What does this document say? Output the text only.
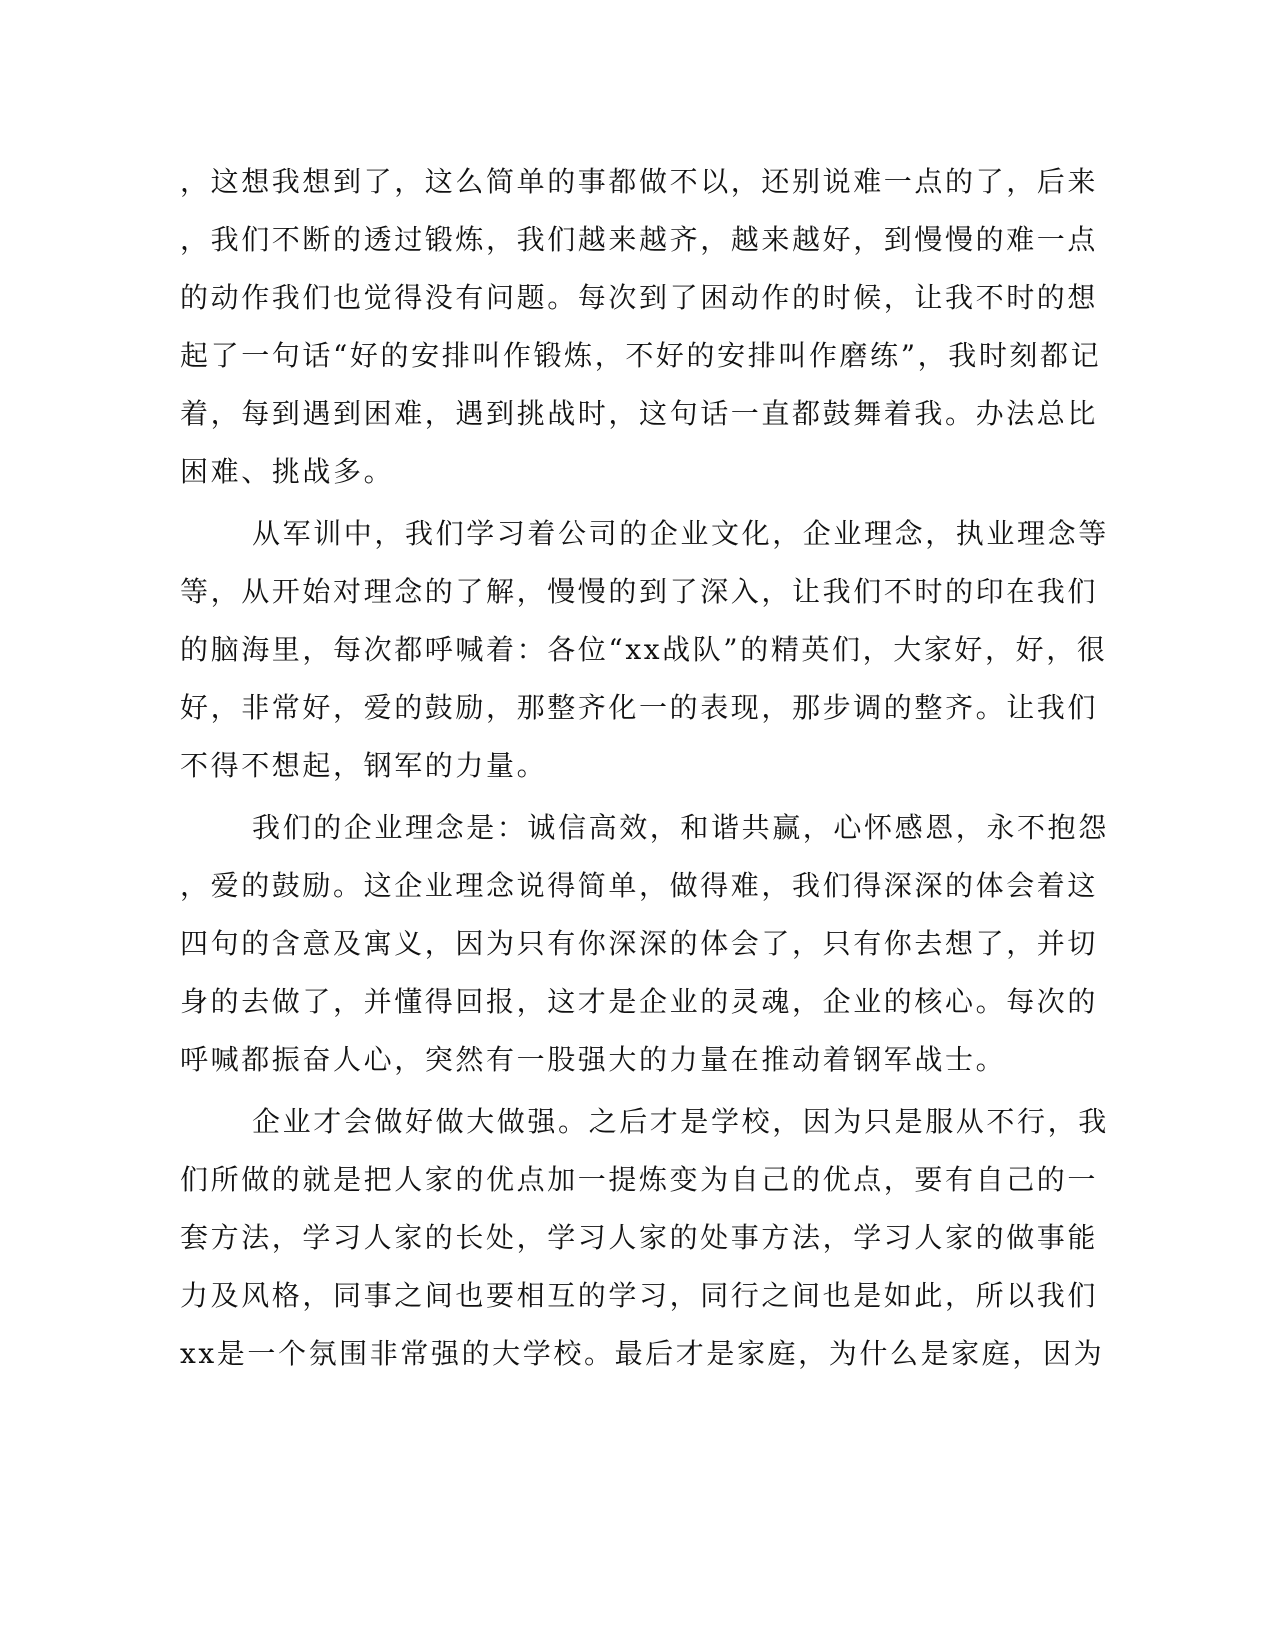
，这想我想到了，这么简单的事都做不以，还别说难一点的了，后来
，我们不断的透过锻炼，我们越来越齐，越来越好，到慢慢的难一点
的动作我们也觉得没有问题。每次到了困动作的时候，让我不时的想
起了一句话“好的安排叫作锻炼，不好的安排叫作磨练”，我时刻都记
着，每到遇到困难，遇到挑战时，这句话一直都鼓舞着我。办法总比
困难、挑战多。
从军训中，我们学习着公司的企业文化，企业理念，执业理念等
等，从开始对理念的了解，慢慢的到了深入，让我们不时的印在我们
的脑海里，每次都呼喊着：各位“xx战队”的精英们，大家好，好，很
好，非常好，爱的鼓励，那整齐化一的表现，那步调的整齐。让我们
不得不想起，钢军的力量。
我们的企业理念是：诚信高效，和谐共赢，心怀感恩，永不抱怨
，爱的鼓励。这企业理念说得简单，做得难，我们得深深的体会着这
四句的含意及寓义，因为只有你深深的体会了，只有你去想了，并切
身的去做了，并懂得回报，这才是企业的灵魂，企业的核心。每次的
呼喊都振奋人心，突然有一股强大的力量在推动着钢军战士。
企业才会做好做大做强。之后才是学校，因为只是服从不行，我
们所做的就是把人家的优点加一提炼变为自己的优点，要有自己的一
套方法，学习人家的长处，学习人家的处事方法，学习人家的做事能
力及风格，同事之间也要相互的学习，同行之间也是如此，所以我们
xx是一个氛围非常强的大学校。最后才是家庭，为什么是家庭，因为
